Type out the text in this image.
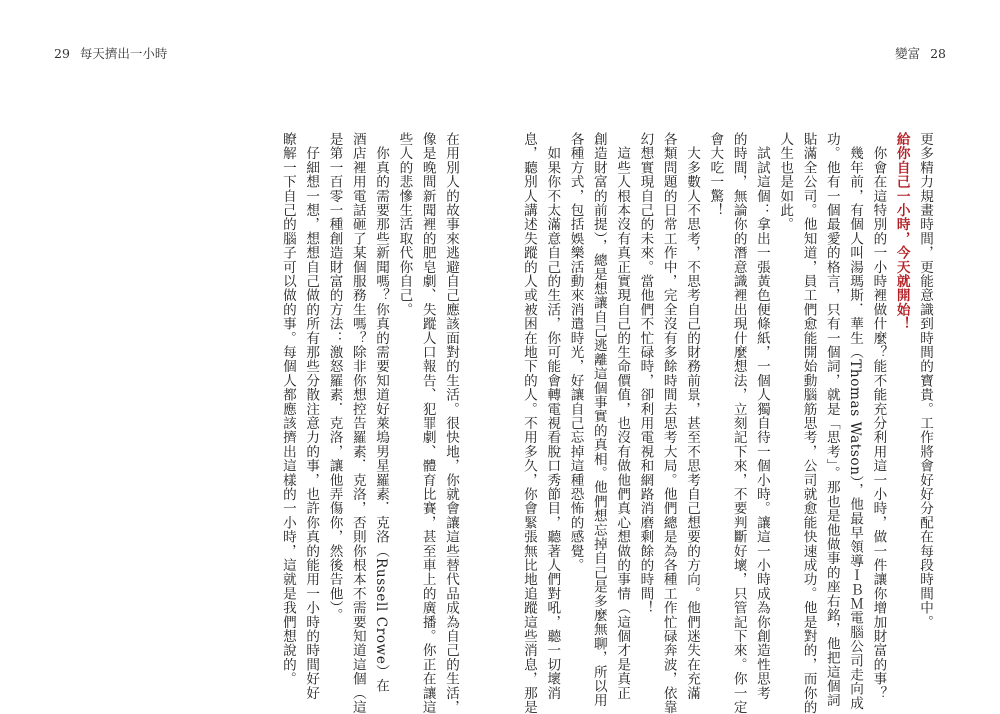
29 每天擠出一小時	變富 28
更多精力規畫時間，更能意識到時間的寶貴。工作將會好好分配在每段時間中。
給你自己一小時，今天就開始！
　你會在這特別的一小時裡做什麼？能不能充分利用這一小時，做一件讓你增加財富的事？
　幾年前，有個人叫湯瑪斯．華生（Thomas Watson），他最早領導ＩＢＭ電腦公司走向成
功。他有一個最愛的格言，只有一個詞，就是「思考」。那也是他做事的座右銘，他把這個詞
貼滿全公司。他知道，員工們愈能開始動腦筋思考，公司就愈能快速成功。他是對的，而你的
人生也是如此。
　試試這個：拿出一張黃色便條紙，一個人獨自待一個小時。讓這一小時成為你創造性思考
的時間，無論你的潛意識裡出現什麼想法，立刻記下來，不要判斷好壞，只管記下來。你一定
會大吃一驚！
　大多數人不思考，不思考自己的財務前景，甚至不思考自己想要的方向。他們迷失在充滿
各類問題的日常工作中，完全沒有多餘時間去思考大局。他們總是為各種工作忙碌奔波，依靠
幻想實現自己的未來。當他們不忙碌時，卻利用電視和網路消磨剩餘的時間！
　這些人根本沒有真正實現自己的生命價值，也沒有做他們真心想做的事情（這個才是真正
創造財富的前提），總是想讓自己逃離這個事實的真相。他們想忘掉自己是多麼無聊，所以用
各種方式，包括娛樂活動來消遣時光，好讓自己忘掉這種恐怖的感覺。
　如果你不太滿意自己的生活，你可能會轉電視看脫口秀節目，聽著人們對吼，聽一切壞消
息，聽別人講述失蹤的人或被困在地下的人。不用多久，你會緊張無比地追蹤這些消息，那是
在用別人的故事來逃避自己應該面對的生活。很快地，你就會讓這些替代品成為自己的生活，
像是晚間新聞裡的肥皂劇、失蹤人口報告、犯罪劇、體育比賽，甚至車上的廣播。你正在讓這
些人的悲慘生活取代你自己。
　你真的需要那些新聞嗎？你真的需要知道好萊塢男星羅素．克洛（Russell Crowe）在
酒店裡用電話砸了某個服務生嗎？除非你想控告羅素．克洛，否則你根本不需要知道這個（這
是第一百零一種創造財富的方法：激怒羅素．克洛，讓他弄傷你，然後告他）。
　仔細想一想，想想自己做的所有那些分散注意力的事，也許你真的能用一小時的時間好好
瞭解一下自己的腦子可以做的事。每個人都應該擠出這樣的一小時，這就是我們想說的。
